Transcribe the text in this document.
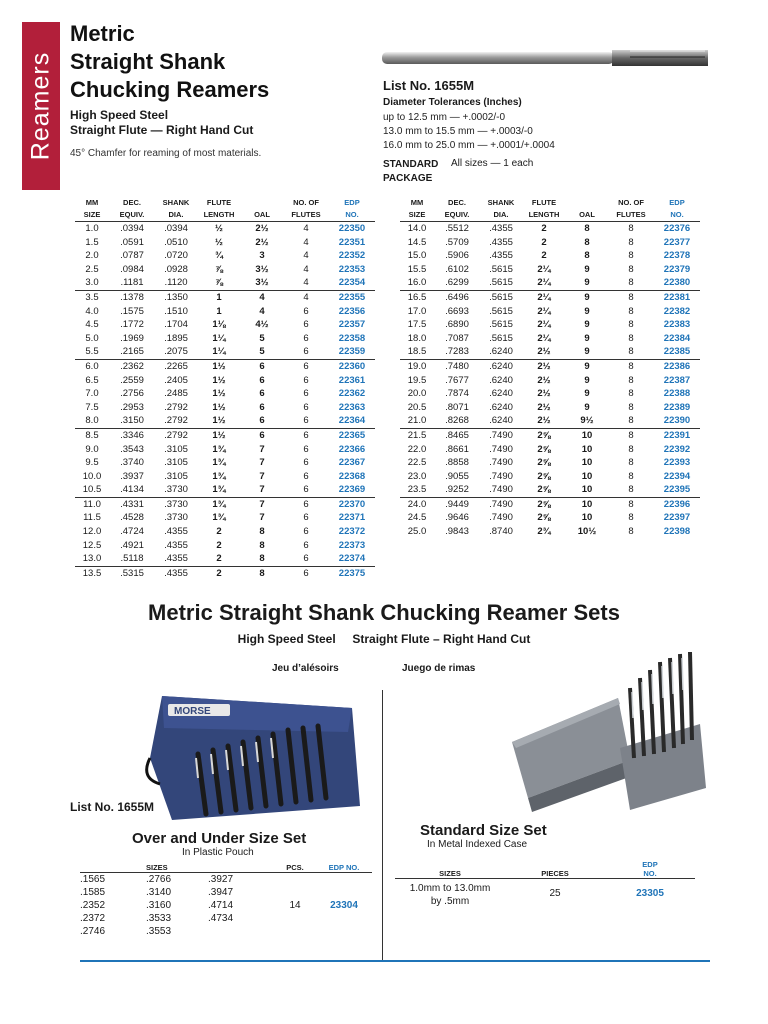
Reamers
Metric
Straight Shank
Chucking Reamers
High Speed Steel
Straight Flute — Right Hand Cut
45° Chamfer for reaming of most materials.
List No. 1655M
Diameter Tolerances (Inches)
up to 12.5 mm — +.0002/-0
13.0 mm to 15.5 mm — +.0003/-0
16.0 mm to 25.0 mm — +.0001/+.0004
STANDARD
PACKAGE
All sizes — 1 each
MM	DEC.	SHANK	FLUTE		NO. OF	EDP
SIZE	EQUIV.	DIA.	LENGTH	OAL	FLUTES	NO.
1.0	.0394	.0394	½	2½	4	22350
1.5	.0591	.0510	½	2½	4	22351
2.0	.0787	.0720	¾	3	4	22352
2.5	.0984	.0928	⅞	3½	4	22353
3.0	.1181	.1120	⅞	3½	4	22354
3.5	.1378	.1350	1	4	4	22355
4.0	.1575	.1510	1	4	6	22356
4.5	.1772	.1704	1⅛	4½	6	22357
5.0	.1969	.1895	1¼	5	6	22358
5.5	.2165	.2075	1¼	5	6	22359
6.0	.2362	.2265	1½	6	6	22360
6.5	.2559	.2405	1½	6	6	22361
7.0	.2756	.2485	1½	6	6	22362
7.5	.2953	.2792	1½	6	6	22363
8.0	.3150	.2792	1½	6	6	22364
8.5	.3346	.2792	1½	6	6	22365
9.0	.3543	.3105	1¾	7	6	22366
9.5	.3740	.3105	1¾	7	6	22367
10.0	.3937	.3105	1¾	7	6	22368
10.5	.4134	.3730	1¾	7	6	22369
11.0	.4331	.3730	1¾	7	6	22370
11.5	.4528	.3730	1¾	7	6	22371
12.0	.4724	.4355	2	8	6	22372
12.5	.4921	.4355	2	8	6	22373
13.0	.5118	.4355	2	8	6	22374
13.5	.5315	.4355	2	8	6	22375
MM	DEC.	SHANK	FLUTE		NO. OF	EDP
SIZE	EQUIV.	DIA.	LENGTH	OAL	FLUTES	NO.
14.0	.5512	.4355	2	8	8	22376
14.5	.5709	.4355	2	8	8	22377
15.0	.5906	.4355	2	8	8	22378
15.5	.6102	.5615	2¼	9	8	22379
16.0	.6299	.5615	2¼	9	8	22380
16.5	.6496	.5615	2¼	9	8	22381
17.0	.6693	.5615	2¼	9	8	22382
17.5	.6890	.5615	2¼	9	8	22383
18.0	.7087	.5615	2¼	9	8	22384
18.5	.7283	.6240	2½	9	8	22385
19.0	.7480	.6240	2½	9	8	22386
19.5	.7677	.6240	2½	9	8	22387
20.0	.7874	.6240	2½	9	8	22388
20.5	.8071	.6240	2½	9	8	22389
21.0	.8268	.6240	2½	9½	8	22390
21.5	.8465	.7490	2⅝	10	8	22391
22.0	.8661	.7490	2⅝	10	8	22392
22.5	.8858	.7490	2⅝	10	8	22393
23.0	.9055	.7490	2⅝	10	8	22394
23.5	.9252	.7490	2⅝	10	8	22395
24.0	.9449	.7490	2⅝	10	8	22396
24.5	.9646	.7490	2⅝	10	8	22397
25.0	.9843	.8740	2¾	10½	8	22398
Metric Straight Shank Chucking Reamer Sets
High Speed Steel     Straight Flute – Right Hand Cut
Jeu d’alésoirs	Juego de rimas
MORSE
List No. 1655M
Over and Under Size Set
In Plastic Pouch
	SIZES		PCS.	EDP NO.
.1565	.2766	.3927		
.1585	.3140	.3947		
.2352	.3160	.4714	14	23304
.2372	.3533	.4734		
.2746	.3553			
Standard Size Set
In Metal Indexed Case
		EDP
SIZES	PIECES	NO.

1.0mm to 13.0mm
by .5mm	25	23305
